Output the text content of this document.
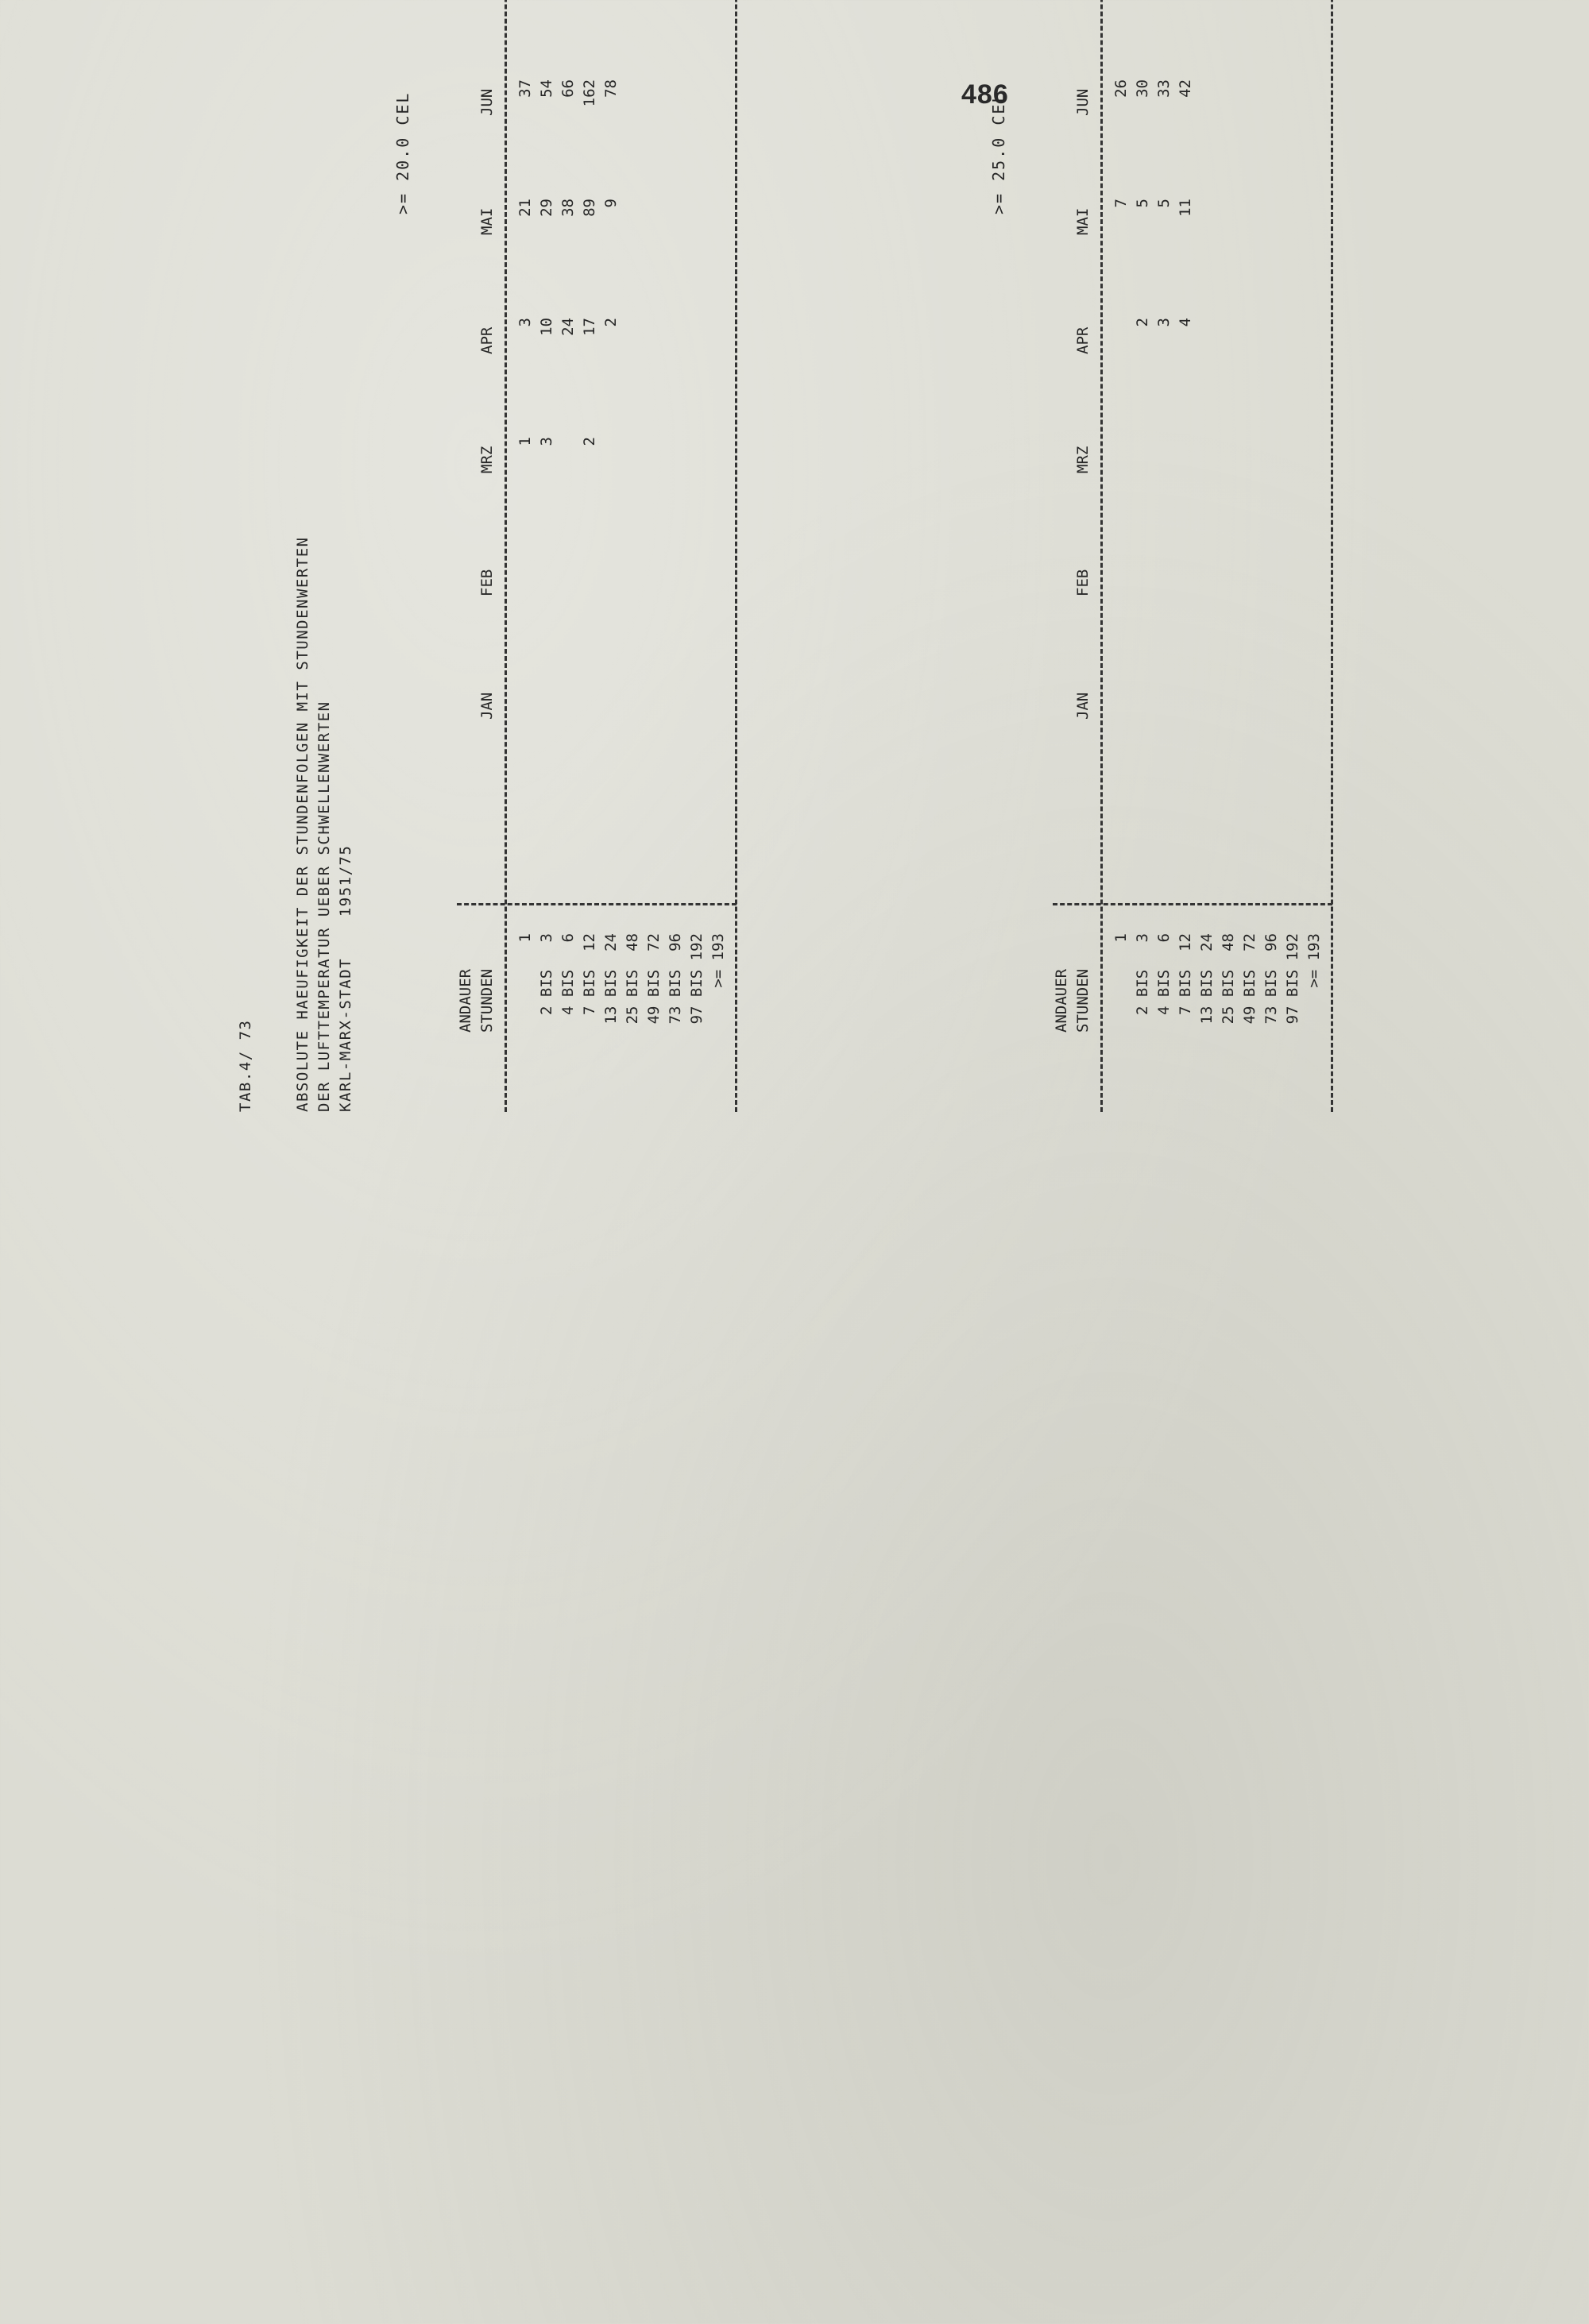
486
TAB.4/ 73	ABSOLUTE HAEUFIGKEIT DER STUNDENFOLGEN MIT STUNDENWERTEN DER LUFTTEMPERATUR UEBER SCHWELLENWERTEN KARL-MARX-STADT    1951/75
>= 20.0 CEL
ANDAUER STUNDEN
JAN
FEB
MRZ
APR
MAI
JUN
1
1
3
21
37
2 BIS   3
3
10
29
54
4 BIS   6
24
38
66
7 BIS  12
2
17
89
162
13 BIS  24
2
9
78
25 BIS  48 49 BIS  72 73 BIS  96 97 BIS 192 >= 193
>= 25.0 CEL
ANDAUER STUNDEN
JAN
FEB
MRZ
APR
MAI
JUN
1
7
26
2 BIS   3
2
5
30
4 BIS   6
3
5
33
7 BIS  12
4
11
42
13 BIS  24 25 BIS  48 49 BIS  72 73 BIS  96 97 BIS 192 >= 193
